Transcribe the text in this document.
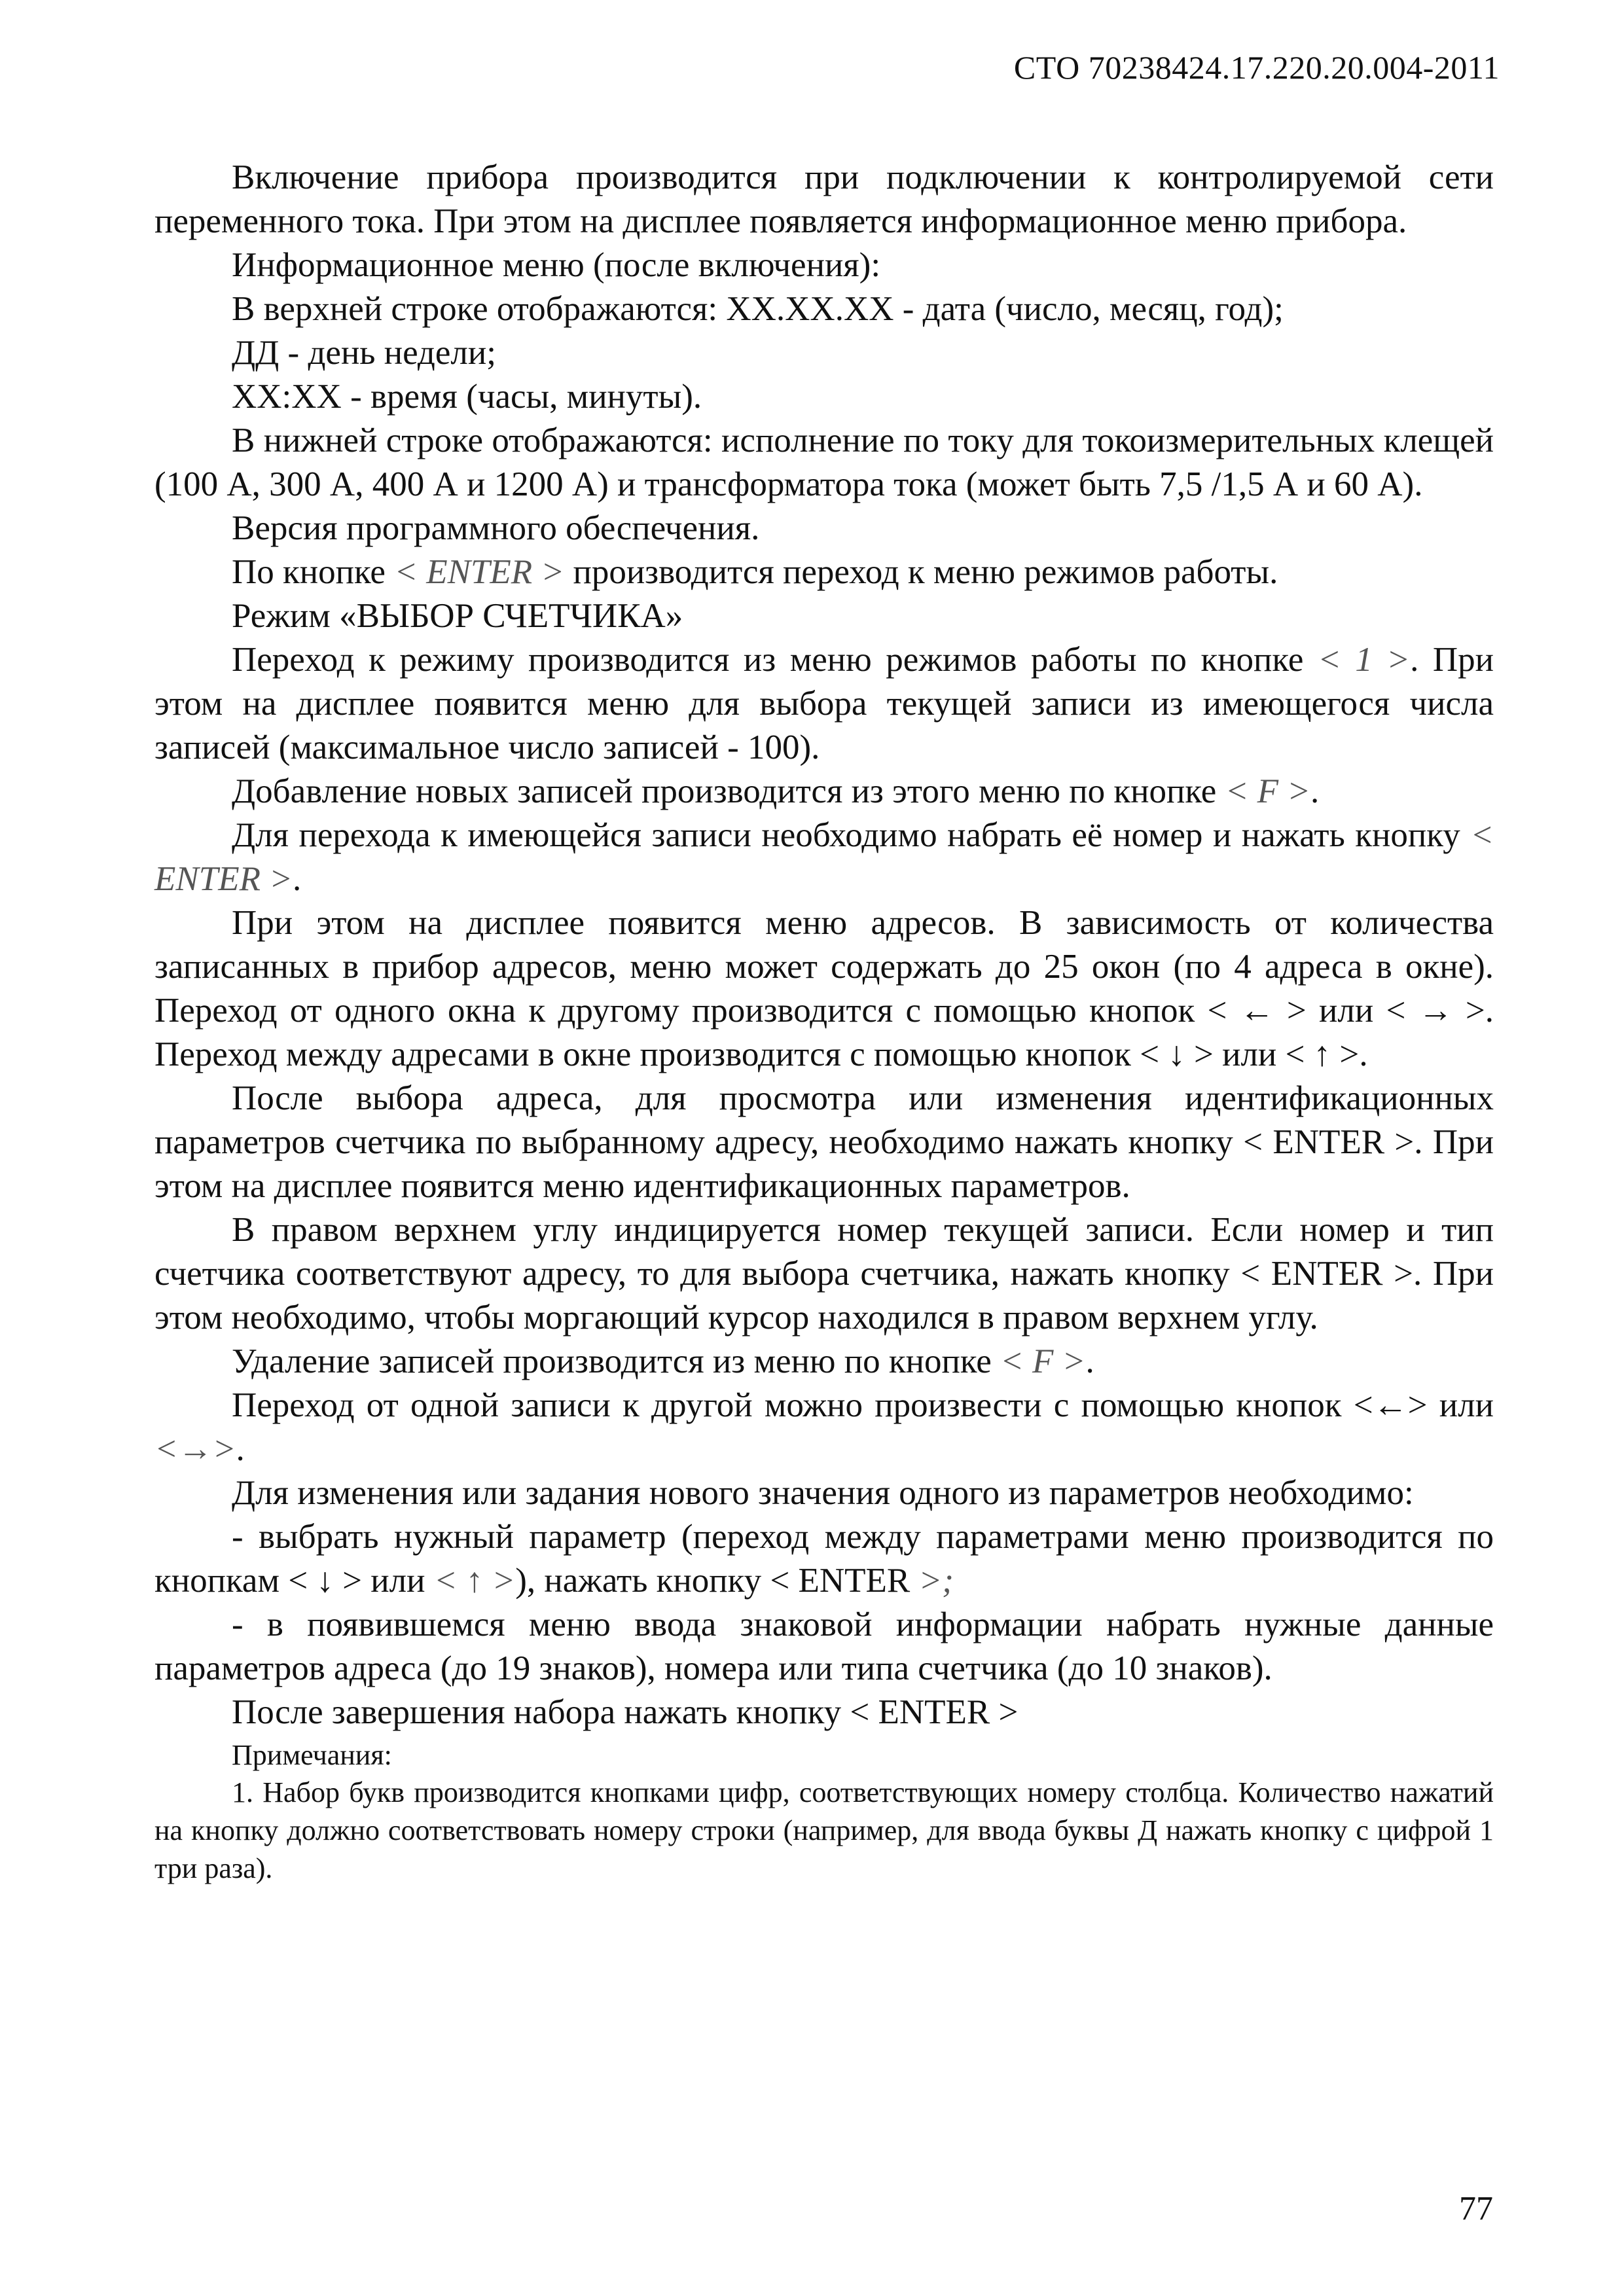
СТО 70238424.17.220.20.004-2011

Включение прибора производится при подключении к контролируемой сети переменного тока. При этом на дисплее появляется информационное меню прибора.

Информационное меню (после включения):

В верхней строке отображаются: XX.XX.XX - дата (число, месяц, год);

ДД - день недели;

XX:XX - время (часы, минуты).

В нижней строке отображаются: исполнение по току для токоизмерительных клещей (100 А, 300 А, 400 А и 1200 А) и трансформатора тока (может быть 7,5 /1,5 А и 60 А).

Версия программного обеспечения.

По кнопке < ENTER > производится переход к меню режимов работы.

Режим «ВЫБОР СЧЕТЧИКА»

Переход к режиму производится из меню режимов работы по кнопке < 1 >. При этом на дисплее появится меню для выбора текущей записи из имеющегося числа записей (максимальное число записей - 100).

Добавление новых записей производится из этого меню по кнопке < F >.

Для перехода к имеющейся записи необходимо набрать её номер и нажать кнопку < ENTER >.

При этом на дисплее появится меню адресов. В зависимость от количества записанных в прибор адресов, меню может содержать до 25 окон (по 4 адреса в окне). Переход от одного окна к другому производится с помощью кнопок < ← > или < → >. Переход между адресами в окне производится с помощью кнопок < ↓ > или < ↑ >.

После выбора адреса, для просмотра или изменения идентификационных параметров счетчика по выбранному адресу, необходимо нажать кнопку < ENTER >. При этом на дисплее появится меню идентификационных параметров.

В правом верхнем углу индицируется номер текущей записи. Если номер и тип счетчика соответствуют адресу, то для выбора счетчика, нажать кнопку < ENTER >. При этом необходимо, чтобы моргающий курсор находился в правом верхнем углу.

Удаление записей производится из меню по кнопке < F >.

Переход от одной записи к другой можно произвести с помощью кнопок <←> или <→>.

Для изменения или задания нового значения одного из параметров необходимо:

- выбрать нужный параметр (переход между параметрами меню производится по кнопкам < ↓ > или < ↑ >), нажать кнопку < ENTER >;

- в появившемся меню ввода знаковой информации набрать нужные данные параметров адреса (до 19 знаков), номера или типа счетчика (до 10 знаков).

После завершения набора нажать кнопку < ENTER >

Примечания:

1. Набор букв производится кнопками цифр, соответствующих номеру столбца. Количество нажатий на кнопку должно соответствовать номеру строки (например, для ввода буквы Д нажать кнопку с цифрой 1 три раза).

77
